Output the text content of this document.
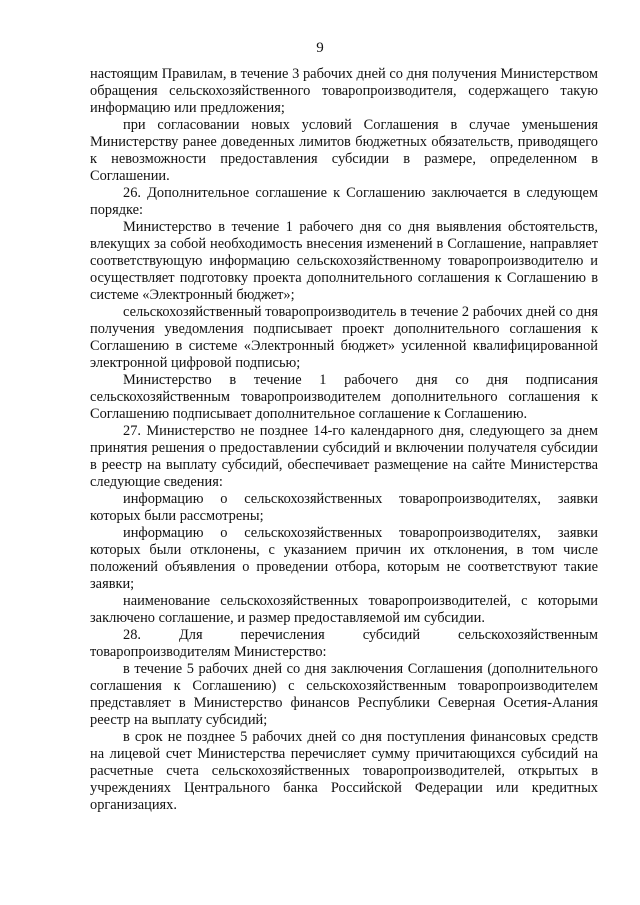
9

настоящим Правилам, в течение 3 рабочих дней со дня получения Министерством обращения сельскохозяйственного товаропроизводителя, содержащего такую информацию или предложения;

при согласовании новых условий Соглашения в случае уменьшения Министерству ранее доведенных лимитов бюджетных обязательств, приводящего к невозможности предоставления субсидии в размере, определенном в Соглашении.

26. Дополнительное соглашение к Соглашению заключается в следующем порядке:

Министерство в течение 1 рабочего дня со дня выявления обстоятельств, влекущих за собой необходимость внесения изменений в Соглашение, направляет соответствующую информацию сельскохозяйственному товаропроизводителю и осуществляет подготовку проекта дополнительного соглашения к Соглашению в системе «Электронный бюджет»;

сельскохозяйственный товаропроизводитель в течение 2 рабочих дней со дня получения уведомления подписывает проект дополнительного соглашения к Соглашению в системе «Электронный бюджет» усиленной квалифицированной электронной цифровой подписью;

Министерство в течение 1 рабочего дня со дня подписания сельскохозяйственным товаропроизводителем дополнительного соглашения к Соглашению подписывает дополнительное соглашение к Соглашению.

27. Министерство не позднее 14-го календарного дня, следующего за днем принятия решения о предоставлении субсидий и включении получателя субсидии в реестр на выплату субсидий, обеспечивает размещение на сайте Министерства следующие сведения:

информацию о сельскохозяйственных товаропроизводителях, заявки которых были рассмотрены;

информацию о сельскохозяйственных товаропроизводителях, заявки которых были отклонены, с указанием причин их отклонения, в том числе положений объявления о проведении отбора, которым не соответствуют такие заявки;

наименование сельскохозяйственных товаропроизводителей, с которыми заключено соглашение, и размер предоставляемой им субсидии.

28. Для перечисления субсидий сельскохозяйственным товаропроизводителям Министерство:

в течение 5 рабочих дней со дня заключения Соглашения (дополнительного соглашения к Соглашению) с сельскохозяйственным товаропроизводителем представляет в Министерство финансов Республики Северная Осетия-Алания реестр на выплату субсидий;

в срок не позднее 5 рабочих дней со дня поступления финансовых средств на лицевой счет Министерства перечисляет сумму причитающихся субсидий на расчетные счета сельскохозяйственных товаропроизводителей, открытых в учреждениях Центрального банка Российской Федерации или кредитных организациях.
